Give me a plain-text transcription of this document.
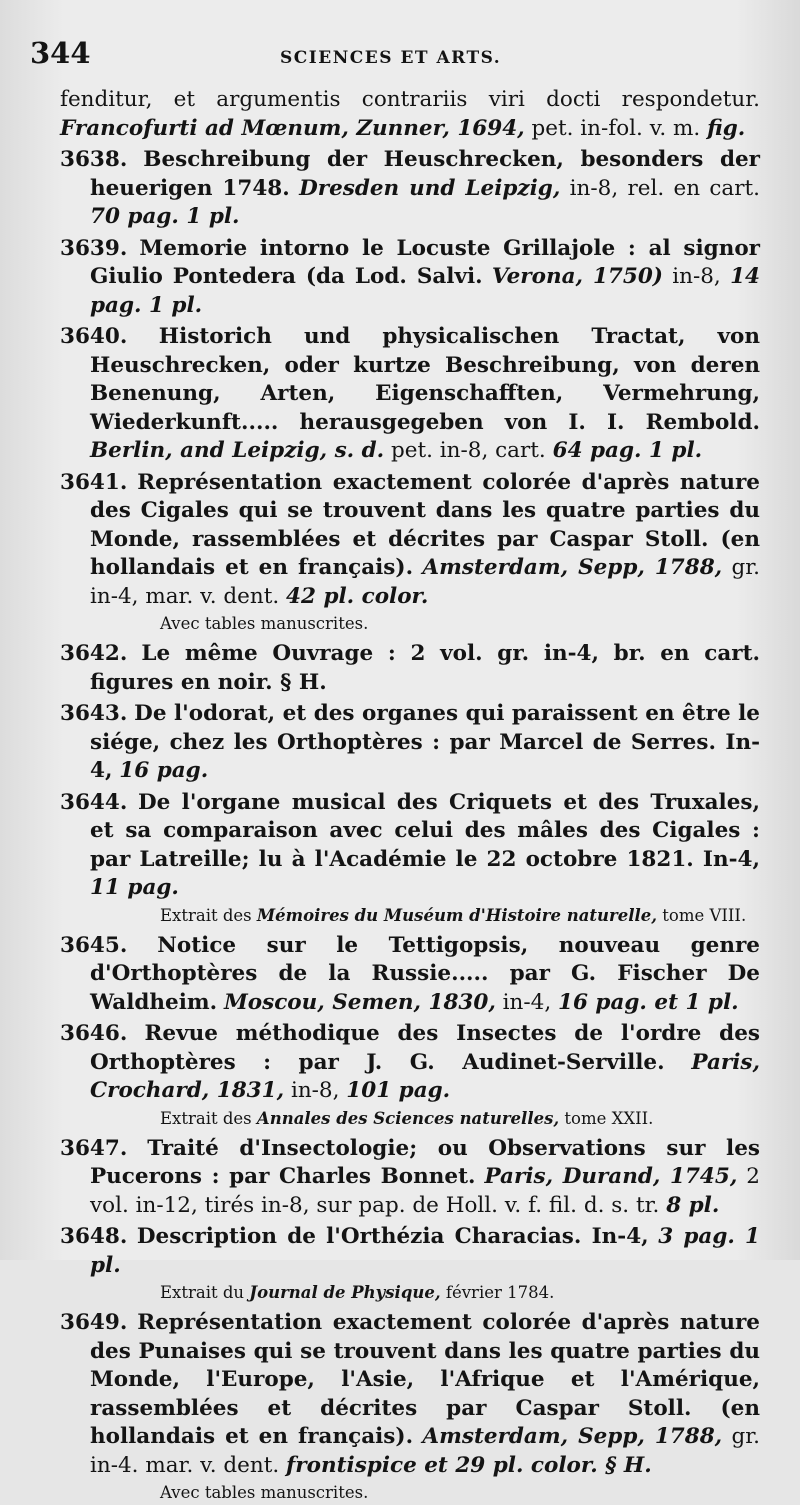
344	SCIENCES ET ARTS.

fenditur, et argumentis contrariis viri docti respondetur. Francofurti ad Mœnum, Zunner, 1694, pet. in-fol. v. m. fig.

3638. Beschreibung der Heuschrecken, besonders der heuerigen 1748. Dresden und Leipzig, in-8, rel. en cart. 70 pag. 1 pl.

3639. Memorie intorno le Locuste Grillajole : al signor Giulio Pontedera (da Lod. Salvi. Verona, 1750) in-8, 14 pag. 1 pl.

3640. Historich und physicalischen Tractat, von Heuschrecken, oder kurtze Beschreibung, von deren Benenung, Arten, Eigenschafften, Vermehrung, Wiederkunft..... herausgegeben von I. I. Rembold. Berlin, and Leipzig, s. d. pet. in-8, cart. 64 pag. 1 pl.

3641. Représentation exactement colorée d'après nature des Cigales qui se trouvent dans les quatre parties du Monde, rassemblées et décrites par Caspar Stoll. (en hollandais et en français). Amsterdam, Sepp, 1788, gr. in-4, mar. v. dent. 42 pl. color.

Avec tables manuscrites.

3642. Le même Ouvrage : 2 vol. gr. in-4, br. en cart. figures en noir. § H.

3643. De l'odorat, et des organes qui paraissent en être le siége, chez les Orthoptères : par Marcel de Serres. In-4, 16 pag.

3644. De l'organe musical des Criquets et des Truxales, et sa comparaison avec celui des mâles des Cigales : par Latreille; lu à l'Académie le 22 octobre 1821. In-4, 11 pag.

Extrait des Mémoires du Muséum d'Histoire naturelle, tome VIII.

3645. Notice sur le Tettigopsis, nouveau genre d'Orthoptères de la Russie..... par G. Fischer De Waldheim. Moscou, Semen, 1830, in-4, 16 pag. et 1 pl.

3646. Revue méthodique des Insectes de l'ordre des Orthoptères : par J. G. Audinet-Serville. Paris, Crochard, 1831, in-8, 101 pag.

Extrait des Annales des Sciences naturelles, tome XXII.

3647. Traité d'Insectologie; ou Observations sur les Pucerons : par Charles Bonnet. Paris, Durand, 1745, 2 vol. in-12, tirés in-8, sur pap. de Holl. v. f. fil. d. s. tr. 8 pl.

3648. Description de l'Orthézia Characias. In-4, 3 pag. 1 pl.

Extrait du Journal de Physique, février 1784.

3649. Représentation exactement colorée d'après nature des Punaises qui se trouvent dans les quatre parties du Monde, l'Europe, l'Asie, l'Afrique et l'Amérique, rassemblées et décrites par Caspar Stoll. (en hollandais et en français). Amsterdam, Sepp, 1788, gr. in-4. mar. v. dent. frontispice et 29 pl. color. § H.

Avec tables manuscrites.
